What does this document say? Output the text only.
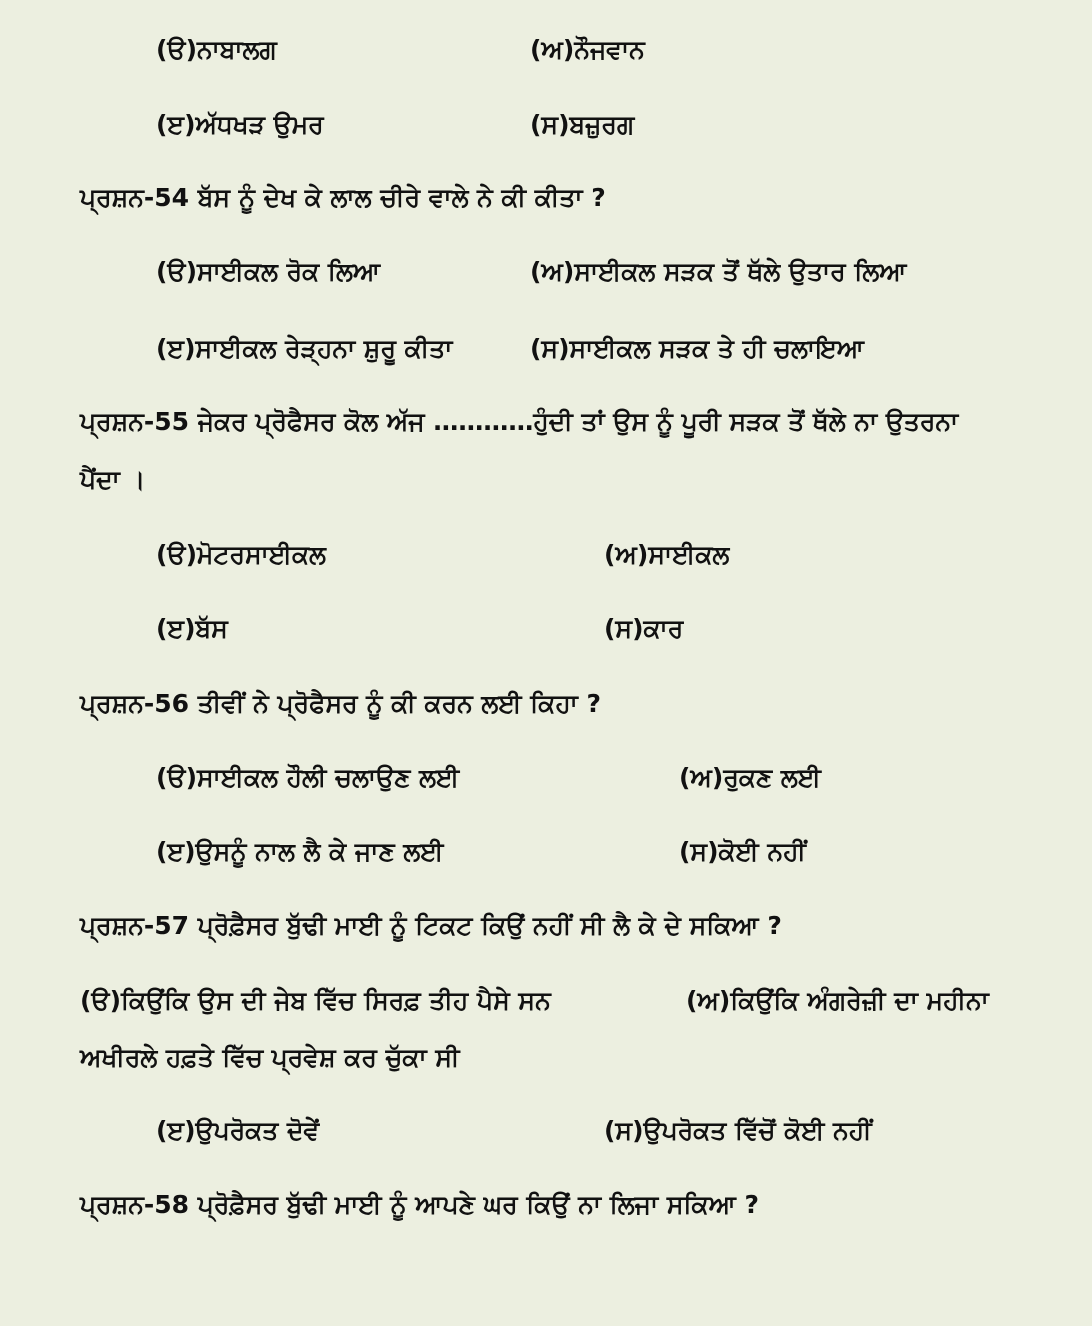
(ੳ)ਨਾਬਾਲਗ	(ਅ)ਨੌਜਵਾਨ
(ੲ)ਅੱਧਖੜ ਉਮਰ	(ਸ)ਬਜ਼ੁਰਗ
ਪ੍ਰਸ਼ਨ-54 ਬੱਸ ਨੂੰ ਦੇਖ ਕੇ ਲਾਲ ਚੀਰੇ ਵਾਲੇ ਨੇ ਕੀ ਕੀਤਾ ?
(ੳ)ਸਾਈਕਲ ਰੋਕ ਲਿਆ	(ਅ)ਸਾਈਕਲ ਸੜਕ ਤੋਂ ਥੱਲੇ ਉਤਾਰ ਲਿਆ
(ੲ)ਸਾਈਕਲ ਰੇੜ੍ਹਨਾ ਸ਼ੁਰੂ ਕੀਤਾ	(ਸ)ਸਾਈਕਲ ਸੜਕ ਤੇ ਹੀ ਚਲਾਇਆ
ਪ੍ਰਸ਼ਨ-55 ਜੇਕਰ ਪ੍ਰੋਫੈਸਰ ਕੋਲ ਅੱਜ …………ਹੁੰਦੀ ਤਾਂ ਉਸ ਨੂੰ ਪੂਰੀ ਸੜਕ ਤੋਂ ਥੱਲੇ ਨਾ ਉਤਰਨਾ
ਪੈਂਦਾ ।
(ੳ)ਮੋਟਰਸਾਈਕਲ	(ਅ)ਸਾਈਕਲ
(ੲ)ਬੱਸ	(ਸ)ਕਾਰ
ਪ੍ਰਸ਼ਨ-56 ਤੀਵੀਂ ਨੇ ਪ੍ਰੋਫੈਸਰ ਨੂੰ ਕੀ ਕਰਨ ਲਈ ਕਿਹਾ ?
(ੳ)ਸਾਈਕਲ ਹੌਲੀ ਚਲਾਉਣ ਲਈ	(ਅ)ਰੁਕਣ ਲਈ
(ੲ)ਉਸਨੂੰ ਨਾਲ ਲੈ ਕੇ ਜਾਣ ਲਈ	(ਸ)ਕੋਈ ਨਹੀਂ
ਪ੍ਰਸ਼ਨ-57 ਪ੍ਰੋਫ਼ੈਸਰ ਬੁੱਢੀ ਮਾਈ ਨੂੰ ਟਿਕਟ ਕਿਉਂ ਨਹੀਂ ਸੀ ਲੈ ਕੇ ਦੇ ਸਕਿਆ ?
(ੳ)ਕਿਉਂਕਿ ਉਸ ਦੀ ਜੇਬ ਵਿੱਚ ਸਿਰਫ਼ ਤੀਹ ਪੈਸੇ ਸਨ	(ਅ)ਕਿਉਂਕਿ ਅੰਗਰੇਜ਼ੀ ਦਾ ਮਹੀਨਾ
ਅਖੀਰਲੇ ਹਫ਼ਤੇ ਵਿੱਚ ਪ੍ਰਵੇਸ਼ ਕਰ ਚੁੱਕਾ ਸੀ
(ੲ)ਉਪਰੋਕਤ ਦੋਵੇਂ	(ਸ)ਉਪਰੋਕਤ ਵਿੱਚੋਂ ਕੋਈ ਨਹੀਂ
ਪ੍ਰਸ਼ਨ-58 ਪ੍ਰੋਫ਼ੈਸਰ ਬੁੱਢੀ ਮਾਈ ਨੂੰ ਆਪਣੇ ਘਰ ਕਿਉਂ ਨਾ ਲਿਜਾ ਸਕਿਆ ?
